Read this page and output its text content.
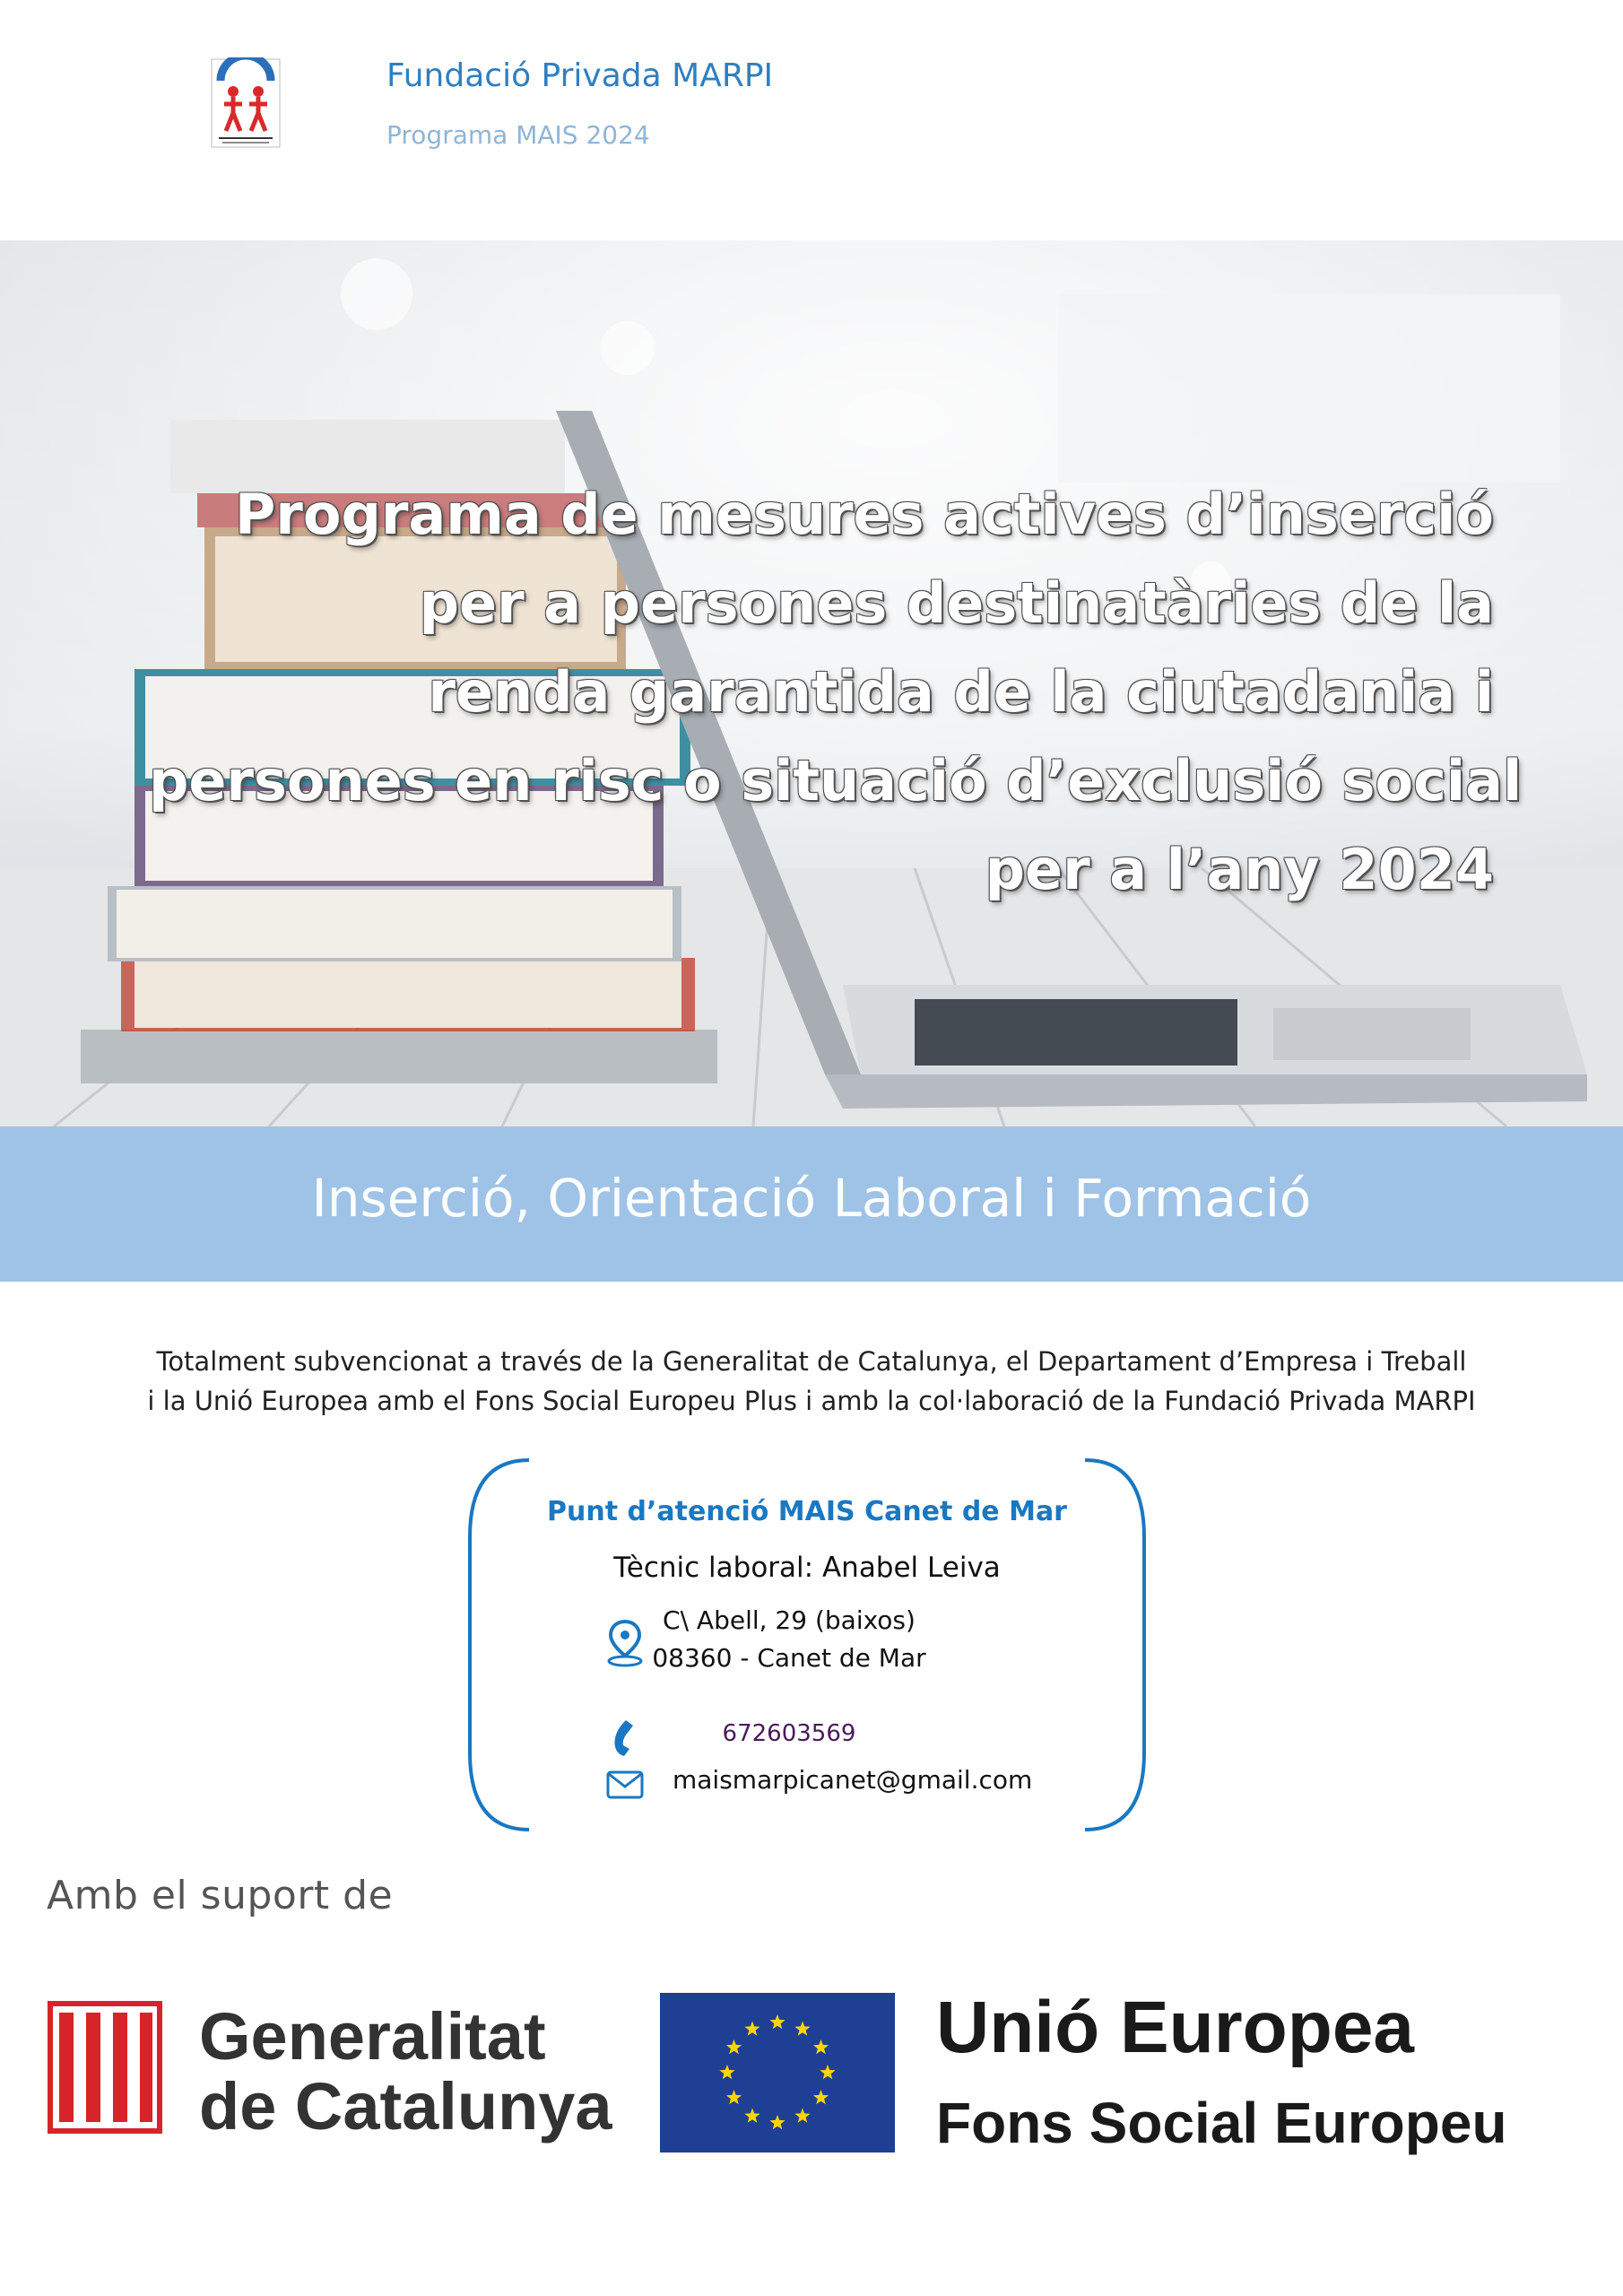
Fundació Privada MARPI
Programa MAIS 2024
Programa de mesures actives d’inserció
per a persones destinatàries de la
renda garantida de la ciutadania i
persones en risc o situació d’exclusió social
per a l’any 2024
Inserció, Orientació Laboral i Formació
Totalment subvencionat a través de la Generalitat de Catalunya, el Departament d’Empresa i Treball
i la Unió Europea amb el Fons Social Europeu Plus i amb la col·laboració de la Fundació Privada MARPI
Punt d’atenció MAIS Canet de Mar
Tècnic laboral: Anabel Leiva
C\ Abell, 29 (baixos)
08360 - Canet de Mar
672603569
maismarpicanet@gmail.com
Amb el suport de
Generalitat
de Catalunya
Unió Europea
Fons Social Europeu
